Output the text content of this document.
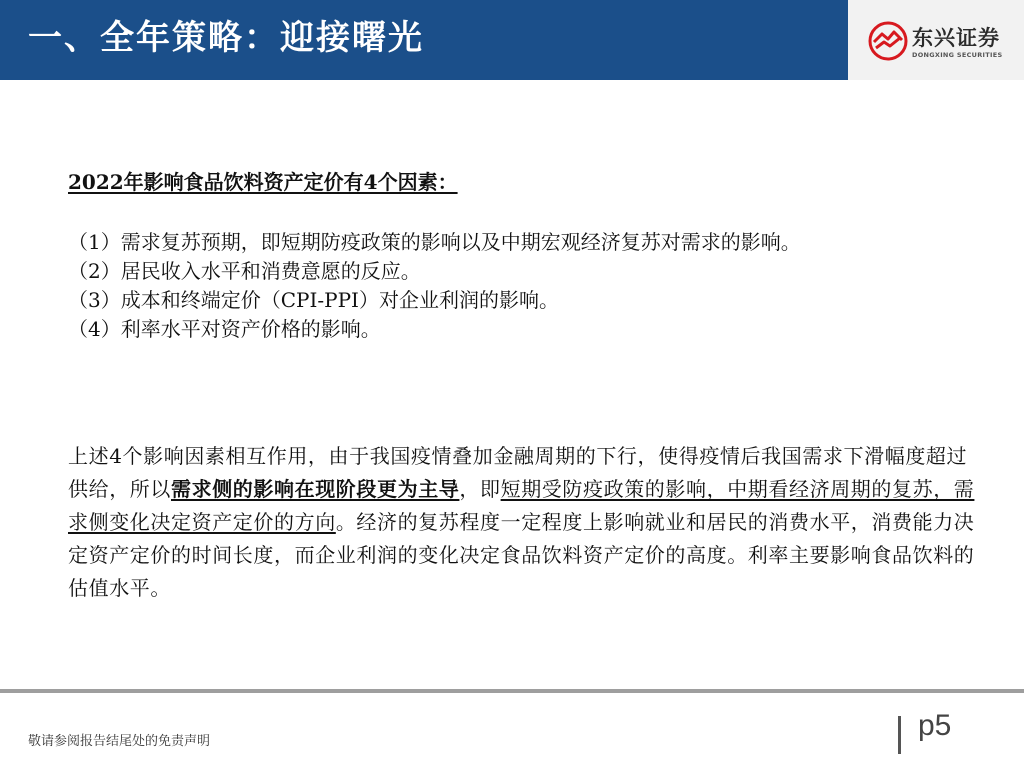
一、全年策略：迎接曙光	东兴证券
DONGXING SECURITIES
2022年影响食品饮料资产定价有4个因素：
（1）需求复苏预期，即短期防疫政策的影响以及中期宏观经济复苏对需求的影响。
（2）居民收入水平和消费意愿的反应。
（3）成本和终端定价（CPI-PPI）对企业利润的影响。
（4）利率水平对资产价格的影响。
上述4个影响因素相互作用，由于我国疫情叠加金融周期的下行，使得疫情后我国需求下滑幅度超过供给，所以需求侧的影响在现阶段更为主导，即短期受防疫政策的影响，中期看经济周期的复苏，需求侧变化决定资产定价的方向。经济的复苏程度一定程度上影响就业和居民的消费水平，消费能力决定资产定价的时间长度，而企业利润的变化决定食品饮料资产定价的高度。利率主要影响食品饮料的估值水平。
敬请参阅报告结尾处的免责声明	p5
